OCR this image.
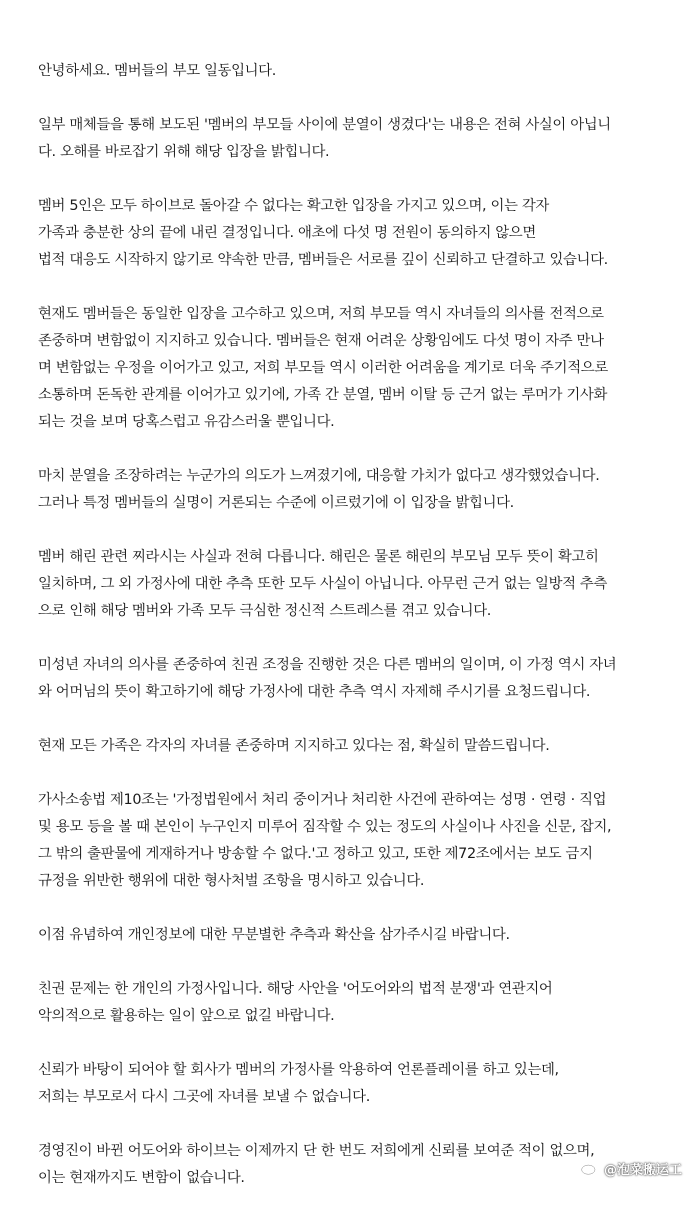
안녕하세요. 멤버들의 부모 일동입니다.

일부 매체들을 통해 보도된 '멤버의 부모들 사이에 분열이 생겼다'는 내용은 전혀 사실이 아닙니
다. 오해를 바로잡기 위해 해당 입장을 밝힙니다.

멤버 5인은 모두 하이브로 돌아갈 수 없다는 확고한 입장을 가지고 있으며, 이는 각자
가족과 충분한 상의 끝에 내린 결정입니다. 애초에 다섯 명 전원이 동의하지 않으면
법적 대응도 시작하지 않기로 약속한 만큼, 멤버들은 서로를 깊이 신뢰하고 단결하고 있습니다.

현재도 멤버들은 동일한 입장을 고수하고 있으며, 저희 부모들 역시 자녀들의 의사를 전적으로
존중하며 변함없이 지지하고 있습니다. 멤버들은 현재 어려운 상황임에도 다섯 명이 자주 만나
며 변함없는 우정을 이어가고 있고, 저희 부모들 역시 이러한 어려움을 계기로 더욱 주기적으로
소통하며 돈독한 관계를 이어가고 있기에, 가족 간 분열, 멤버 이탈 등 근거 없는 루머가 기사화
되는 것을 보며 당혹스럽고 유감스러울 뿐입니다.

마치 분열을 조장하려는 누군가의 의도가 느껴졌기에, 대응할 가치가 없다고 생각했었습니다.
그러나 특정 멤버들의 실명이 거론되는 수준에 이르렀기에 이 입장을 밝힙니다.

멤버 해린 관련 찌라시는 사실과 전혀 다릅니다. 해린은 물론 해린의 부모님 모두 뜻이 확고히
일치하며, 그 외 가정사에 대한 추측 또한 모두 사실이 아닙니다. 아무런 근거 없는 일방적 추측
으로 인해 해당 멤버와 가족 모두 극심한 정신적 스트레스를 겪고 있습니다.

미성년 자녀의 의사를 존중하여 친권 조정을 진행한 것은 다른 멤버의 일이며, 이 가정 역시 자녀
와 어머님의 뜻이 확고하기에 해당 가정사에 대한 추측 역시 자제해 주시기를 요청드립니다.

현재 모든 가족은 각자의 자녀를 존중하며 지지하고 있다는 점, 확실히 말씀드립니다.

가사소송법 제10조는 '가정법원에서 처리 중이거나 처리한 사건에 관하여는 성명 · 연령 · 직업
및 용모 등을 볼 때 본인이 누구인지 미루어 짐작할 수 있는 정도의 사실이나 사진을 신문, 잡지,
그 밖의 출판물에 게재하거나 방송할 수 없다.'고 정하고 있고, 또한 제72조에서는 보도 금지
규정을 위반한 행위에 대한 형사처벌 조항을 명시하고 있습니다.

이점 유념하여 개인정보에 대한 무분별한 추측과 확산을 삼가주시길 바랍니다.

친권 문제는 한 개인의 가정사입니다. 해당 사안을 '어도어와의 법적 분쟁'과 연관지어
악의적으로 활용하는 일이 앞으로 없길 바랍니다.

신뢰가 바탕이 되어야 할 회사가 멤버의 가정사를 악용하여 언론플레이를 하고 있는데,
저희는 부모로서 다시 그곳에 자녀를 보낼 수 없습니다.

경영진이 바뀐 어도어와 하이브는 이제까지 단 한 번도 저희에게 신뢰를 보여준 적이 없으며,
이는 현재까지도 변함이 없습니다.	@泡菜搬运工
